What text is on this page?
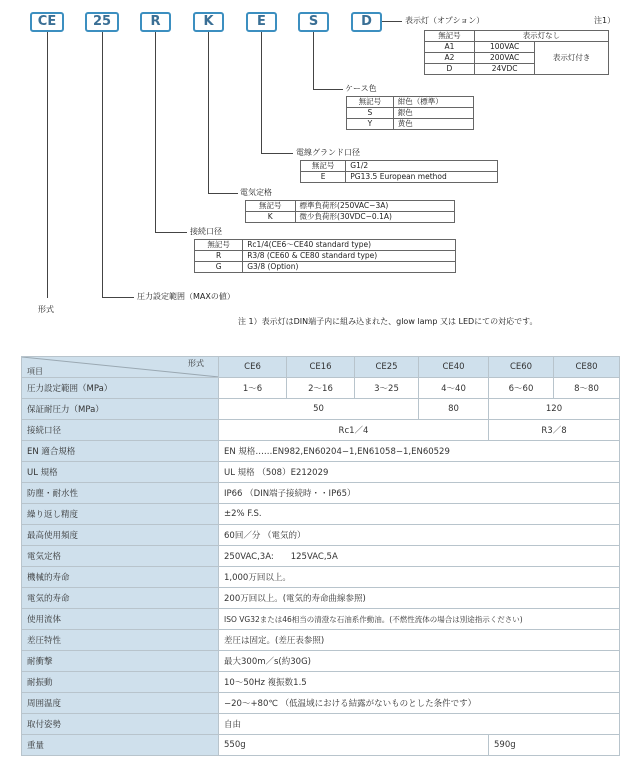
CE	25	R	K	E	S	D	表示灯（オプション）	注1）
無記号	表示灯なし	
A1	100VAC	表示灯付き
A2	200VAC	
D	24VDC	
ケース色
無記号	紺色（標準）
S	銀色
Y	黄色
電線グランド口径
無記号	G1/2
E	PG13.5 European method
電気定格
無記号	標準負荷形(250VAC−3A)
K	微少負荷形(30VDC−0.1A)
接続口径
無記号	Rc1/4(CE6〜CE40 standard type)
R	R3/8 (CE60 & CE80 standard type)
G	G3/8 (Option)
圧力設定範囲（MAXの値）
形式
注 1）表示灯はDIN端子内に組み込まれた、glow lamp 又は LEDにての対応です。
項目
形式	CE6	CE16	CE25	CE40	CE60	CE80
圧力設定範囲（MPa）	1〜6	2〜16	3〜25	4〜40	6〜60	8〜80
保証耐圧力（MPa）	50			80	120	
接続口径	Rc1／4				R3／8	
EN 適合規格	EN 規格……EN982,EN60204−1,EN61058−1,EN60529					
UL 規格	UL 規格 （508）E212029					
防塵・耐水性	IP66 （DIN端子接続時・・IP65）					
繰り返し精度	±2% F.S.					
最高使用頻度	60回／分 （電気的）					
電気定格	250VAC,3A:　　125VAC,5A					
機械的寿命	1,000万回以上。					
電気的寿命	200万回以上。(電気的寿命曲線参照)					
使用流体	ISO VG32または46相当の清澄な石油系作動油。(不燃性流体の場合は別途指示ください)					
差圧特性	差圧は固定。(差圧表参照)					
耐衝撃	最大300m／s(約30G)					
耐振動	10〜50Hz 複振数1.5					
周囲温度	−20〜+80℃ （低温域における結露がないものとした条件です）					
取付姿勢	自由					
重量	550g				590g	
